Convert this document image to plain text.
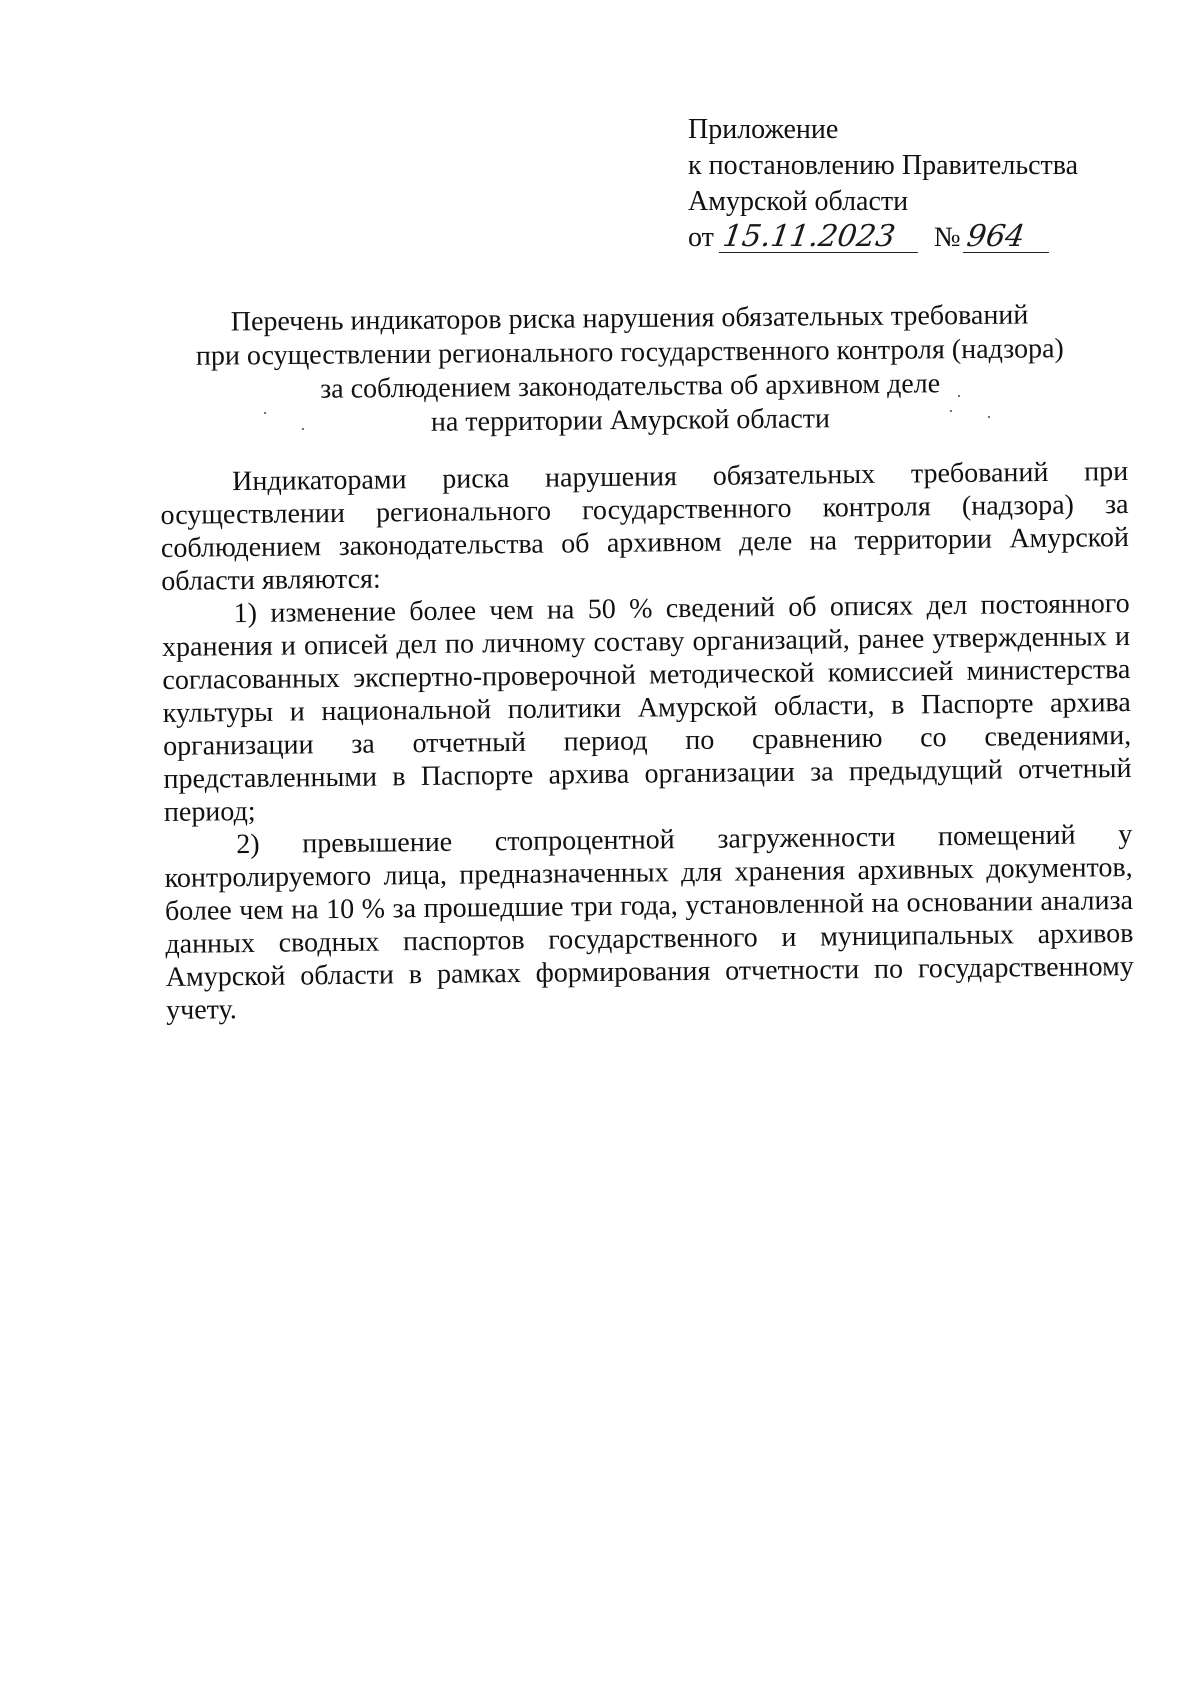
Приложение
к постановлению Правительства
Амурской области
от 15.11.2023 № 964
Перечень индикаторов риска нарушения обязательных требований
при осуществлении регионального государственного контроля (надзора)
за соблюдением законодательства об архивном деле
на территории Амурской области

Индикаторами риска нарушения обязательных требований при осуществлении регионального государственного контроля (надзора) за соблюдением законодательства об архивном деле на территории Амурской области являются:

1) изменение более чем на 50 % сведений об описях дел постоянного хранения и описей дел по личному составу организаций, ранее утвержденных и согласованных экспертно-проверочной методической комиссией министерства культуры и национальной политики Амурской области, в Паспорте архива организации за отчетный период по сравнению со сведениями, представленными в Паспорте архива организации за предыдущий отчетный период;

2) превышение стопроцентной загруженности помещений у контролируемого лица, предназначенных для хранения архивных документов, более чем на 10 % за прошедшие три года, установленной на основании анализа данных сводных паспортов государственного и муниципальных архивов Амурской области в рамках формирования отчетности по государственному учету.
